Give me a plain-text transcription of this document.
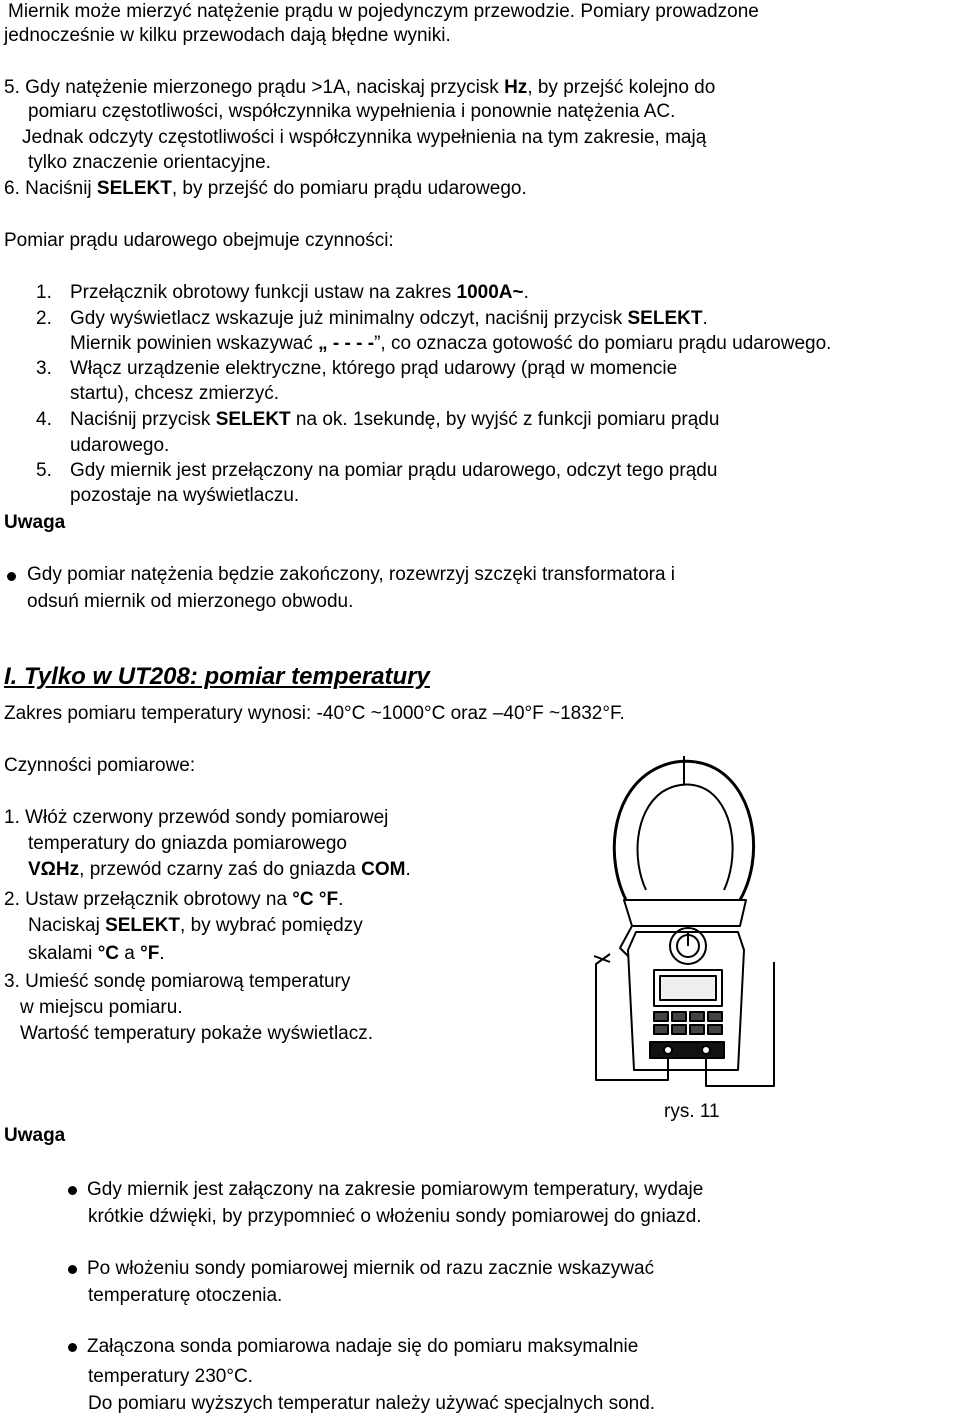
Miernik może mierzyć natężenie prądu w pojedynczym przewodzie. Pomiary prowadzone
jednocześnie w kilku przewodach dają błędne wyniki.
5. Gdy natężenie mierzonego prądu >1A, naciskaj przycisk Hz, by przejść kolejno do
pomiaru częstotliwości, współczynnika wypełnienia i ponownie natężenia AC.
Jednak odczyty częstotliwości i współczynnika wypełnienia na tym zakresie, mają
tylko znaczenie orientacyjne.
6. Naciśnij SELEKT, by przejść do pomiaru prądu udarowego.
Pomiar prądu udarowego obejmuje czynności:
1. Przełącznik obrotowy funkcji ustaw na zakres 1000A~.
2. Gdy wyświetlacz wskazuje już minimalny odczyt, naciśnij przycisk SELEKT.
Miernik powinien wskazywać „ - - - -”, co oznacza gotowość do pomiaru prądu udarowego.
3. Włącz urządzenie elektryczne, którego prąd udarowy (prąd w momencie
startu), chcesz zmierzyć.
4. Naciśnij przycisk SELEKT na ok. 1sekundę, by wyjść z funkcji pomiaru prądu
udarowego.
5. Gdy miernik jest przełączony na pomiar prądu udarowego, odczyt tego prądu
pozostaje na wyświetlaczu.
Uwaga
Gdy pomiar natężenia będzie zakończony, rozewrzyj szczęki transformatora i
odsuń miernik od mierzonego obwodu.
I. Tylko w UT208: pomiar temperatury
Zakres pomiaru temperatury wynosi: -40°C ~1000°C oraz –40°F ~1832°F.
Czynności pomiarowe:
1. Włóż czerwony przewód sondy pomiarowej
temperatury do gniazda pomiarowego
VΩHz, przewód czarny zaś do gniazda COM.
2. Ustaw przełącznik obrotowy na °C °F.
Naciskaj SELEKT, by wybrać pomiędzy
skalami °C a °F.
3. Umieść sondę pomiarową temperatury
w miejscu pomiaru.
Wartość temperatury pokaże wyświetlacz.
rys. 11
Uwaga
Gdy miernik jest załączony na zakresie pomiarowym temperatury, wydaje
krótkie dźwięki, by przypomnieć o włożeniu sondy pomiarowej do gniazd.
Po włożeniu sondy pomiarowej miernik od razu zacznie wskazywać
temperaturę otoczenia.
Załączona sonda pomiarowa nadaje się do pomiaru maksymalnie
temperatury 230°C.
Do pomiaru wyższych temperatur należy używać specjalnych sond.
